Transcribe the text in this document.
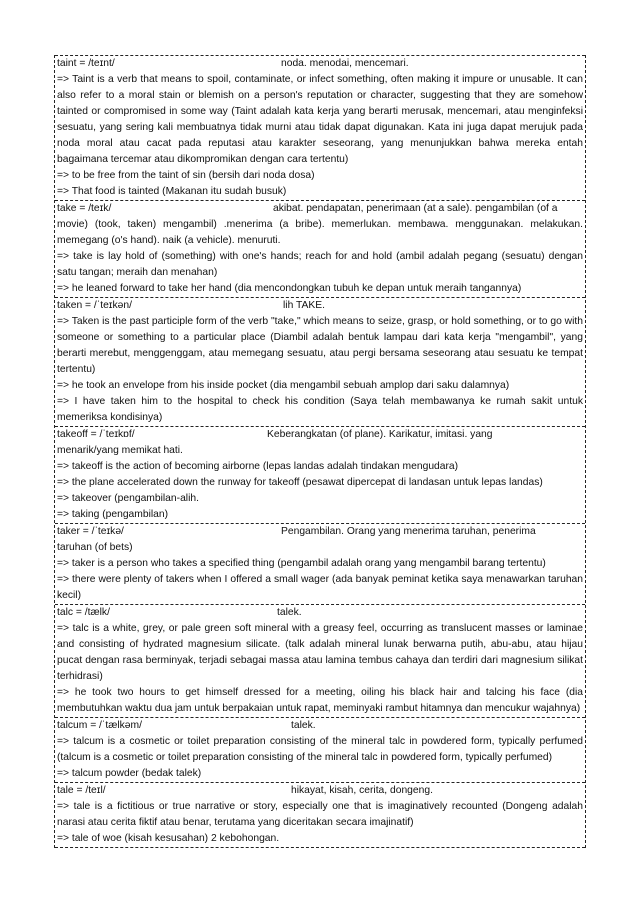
taint = /teɪnt/	noda. menodai, mencemari.
=> Taint is a verb that means to spoil, contaminate, or infect something, often making it impure or unusable. It can also refer to a moral stain or blemish on a person's reputation or character, suggesting that they are somehow tainted or compromised in some way (Taint adalah kata kerja yang berarti merusak, mencemari, atau menginfeksi sesuatu, yang sering kali membuatnya tidak murni atau tidak dapat digunakan. Kata ini juga dapat merujuk pada noda moral atau cacat pada reputasi atau karakter seseorang, yang menunjukkan bahwa mereka entah bagaimana tercemar atau dikompromikan dengan cara tertentu)
=> to be free from the taint of sin (bersih dari noda dosa)
=> That food is tainted (Makanan itu sudah busuk)
take = /teɪk/	akibat. pendapatan, penerimaan (at a sale). pengambilan (of a
movie) (took, taken) mengambil) .menerima (a bribe). memerlukan. membawa. menggunakan. melakukan. memegang (o's hand). naik (a vehicle). menuruti.
=> take is lay hold of (something) with one's hands; reach for and hold (ambil adalah pegang (sesuatu) dengan satu tangan; meraih dan menahan)
=> he leaned forward to take her hand (dia mencondongkan tubuh ke depan untuk meraih tangannya)
taken = /ˈteɪkən/	lih TAKE.
=> Taken is the past participle form of the verb "take," which means to seize, grasp, or hold something, or to go with someone or something to a particular place (Diambil adalah bentuk lampau dari kata kerja "mengambil", yang berarti merebut, menggenggam, atau memegang sesuatu, atau pergi bersama seseorang atau sesuatu ke tempat tertentu)
=> he took an envelope from his inside pocket (dia mengambil sebuah amplop dari saku dalamnya)
=> I have taken him to the hospital to check his condition (Saya telah membawanya ke rumah sakit untuk memeriksa kondisinya)
takeoff = /ˈteɪkɒf/	Keberangkatan (of plane). Karikatur, imitasi. yang
menarik/yang memikat hati.
=> takeoff is the action of becoming airborne (lepas landas adalah tindakan mengudara)
=> the plane accelerated down the runway for takeoff (pesawat dipercepat di landasan untuk lepas landas)
=> takeover (pengambilan-alih.
=> taking (pengambilan)
taker = /ˈteɪkə/	Pengambilan. Orang yang menerima taruhan, penerima
taruhan (of bets)
=> taker is a person who takes a specified thing (pengambil adalah orang yang mengambil barang tertentu)
=> there were plenty of takers when I offered a small wager (ada banyak peminat ketika saya menawarkan taruhan kecil)
talc = /tælk/	talek.
=> talc is a white, grey, or pale green soft mineral with a greasy feel, occurring as translucent masses or laminae and consisting of hydrated magnesium silicate. (talk adalah mineral lunak berwarna putih, abu-abu, atau hijau pucat dengan rasa berminyak, terjadi sebagai massa atau lamina tembus cahaya dan terdiri dari magnesium silikat terhidrasi)
=> he took two hours to get himself dressed for a meeting, oiling his black hair and talcing his face (dia membutuhkan waktu dua jam untuk berpakaian untuk rapat, meminyaki rambut hitamnya dan mencukur wajahnya)
talcum = /ˈtælkəm/	talek.
=> talcum is a cosmetic or toilet preparation consisting of the mineral talc in powdered form, typically perfumed (talcum is a cosmetic or toilet preparation consisting of the mineral talc in powdered form, typically perfumed)
=> talcum powder (bedak talek)
tale = /teɪl/	hikayat, kisah, cerita, dongeng.
=> tale is a fictitious or true narrative or story, especially one that is imaginatively recounted (Dongeng adalah narasi atau cerita fiktif atau benar, terutama yang diceritakan secara imajinatif)
=> tale of woe (kisah kesusahan) 2 kebohongan.
